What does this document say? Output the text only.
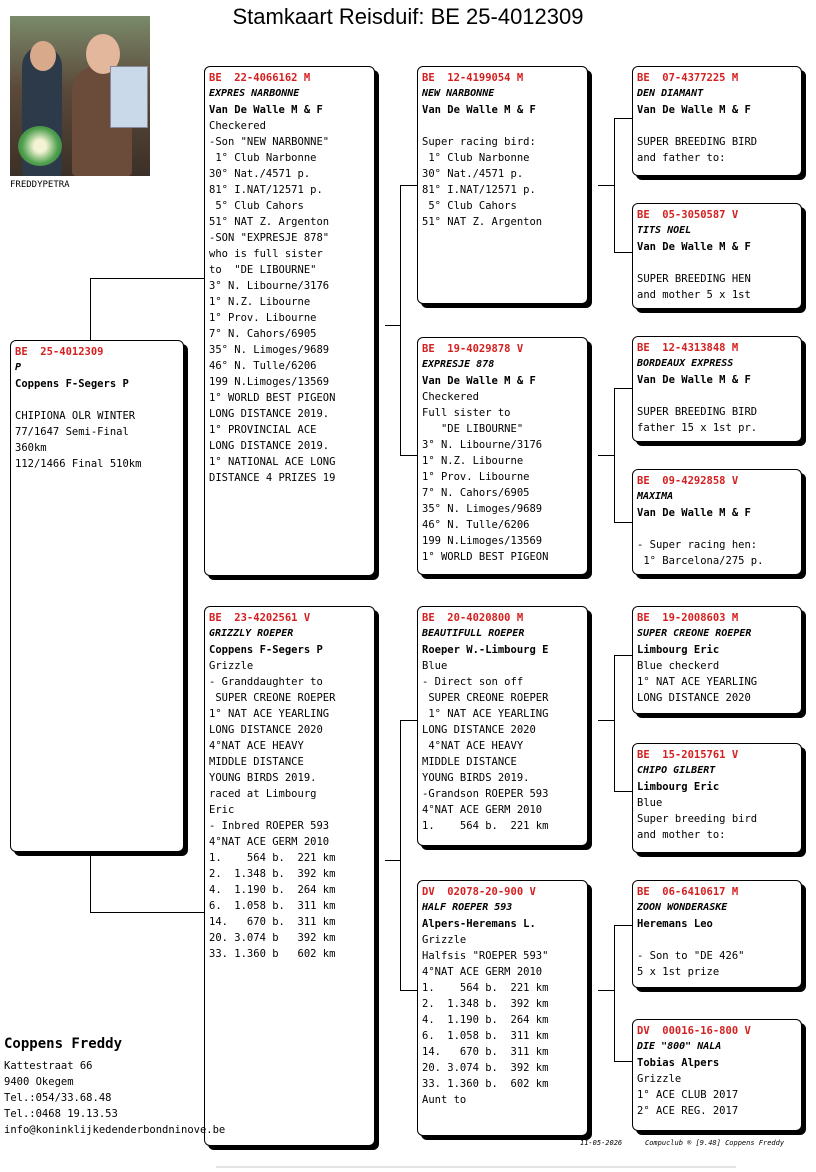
Stamkaart Reisduif: BE 25-4012309
FREDDYPETRA
BE  25-4012309
P
Coppens F-Segers P

CHIPIONA OLR WINTER
77/1647 Semi-Final
360km
112/1466 Final 510km
BE  22-4066162 M
EXPRES NARBONNE
Van De Walle M & F
Checkered
-Son "NEW NARBONNE"
1° Club Narbonne
30° Nat./4571 p.
81° I.NAT/12571 p.
5° Club Cahors
51° NAT Z. Argenton
-SON "EXPRESJE 878"
who is full sister
to  "DE LIBOURNE"
3° N. Libourne/3176
1° N.Z. Libourne
1° Prov. Libourne
7° N. Cahors/6905
35° N. Limoges/9689
46° N. Tulle/6206
199 N.Limoges/13569
1° WORLD BEST PIGEON
LONG DISTANCE 2019.
1° PROVINCIAL ACE
LONG DISTANCE 2019.
1° NATIONAL ACE LONG
DISTANCE 4 PRIZES 19
BE  23-4202561 V
GRIZZLY ROEPER
Coppens F-Segers P
Grizzle
- Granddaughter to
SUPER CREONE ROEPER
1° NAT ACE YEARLING
LONG DISTANCE 2020
4°NAT ACE HEAVY
MIDDLE DISTANCE
YOUNG BIRDS 2019.
raced at Limbourg
Eric
- Inbred ROEPER 593
4°NAT ACE GERM 2010
1.    564 b.  221 km
2.  1.348 b.  392 km
4.  1.190 b.  264 km
6.  1.058 b.  311 km
14.   670 b.  311 km
20. 3.074 b   392 km
33. 1.360 b   602 km
BE  12-4199054 M
NEW NARBONNE
Van De Walle M & F

Super racing bird:
1° Club Narbonne
30° Nat./4571 p.
81° I.NAT/12571 p.
5° Club Cahors
51° NAT Z. Argenton
BE  19-4029878 V
EXPRESJE 878
Van De Walle M & F
Checkered
Full sister to
"DE LIBOURNE"
3° N. Libourne/3176
1° N.Z. Libourne
1° Prov. Libourne
7° N. Cahors/6905
35° N. Limoges/9689
46° N. Tulle/6206
199 N.Limoges/13569
1° WORLD BEST PIGEON
BE  20-4020800 M
BEAUTIFULL ROEPER
Roeper W.-Limbourg E
Blue
- Direct son off
SUPER CREONE ROEPER
1° NAT ACE YEARLING
LONG DISTANCE 2020
4°NAT ACE HEAVY
MIDDLE DISTANCE
YOUNG BIRDS 2019.
-Grandson ROEPER 593
4°NAT ACE GERM 2010
1.    564 b.  221 km
DV  02078-20-900 V
HALF ROEPER 593
Alpers-Heremans L.
Grizzle
Halfsis "ROEPER 593"
4°NAT ACE GERM 2010
1.    564 b.  221 km
2.  1.348 b.  392 km
4.  1.190 b.  264 km
6.  1.058 b.  311 km
14.   670 b.  311 km
20. 3.074 b.  392 km
33. 1.360 b.  602 km
Aunt to
BE  07-4377225 M
DEN DIAMANT
Van De Walle M & F

SUPER BREEDING BIRD
and father to:
BE  05-3050587 V
TITS NOEL
Van De Walle M & F

SUPER BREEDING HEN
and mother 5 x 1st
BE  12-4313848 M
BORDEAUX EXPRESS
Van De Walle M & F

SUPER BREEDING BIRD
father 15 x 1st pr.
BE  09-4292858 V
MAXIMA
Van De Walle M & F

- Super racing hen:
1° Barcelona/275 p.
BE  19-2008603 M
SUPER CREONE ROEPER
Limbourg Eric
Blue checkerd
1° NAT ACE YEARLING
LONG DISTANCE 2020
BE  15-2015761 V
CHIPO GILBERT
Limbourg Eric
Blue
Super breeding bird
and mother to:
BE  06-6410617 M
ZOON WONDERASKE
Heremans Leo

- Son to "DE 426"
5 x 1st prize
DV  00016-16-800 V
DIE "800" NALA
Tobias Alpers
Grizzle
1° ACE CLUB 2017
2° ACE REG. 2017
Coppens Freddy
Kattestraat 66
9400 Okegem
Tel.:054/33.68.48
Tel.:0468 19.13.53
info@koninklijkedenderbondninove.be
11-05-2026	Compuclub ® [9.48] Coppens Freddy
